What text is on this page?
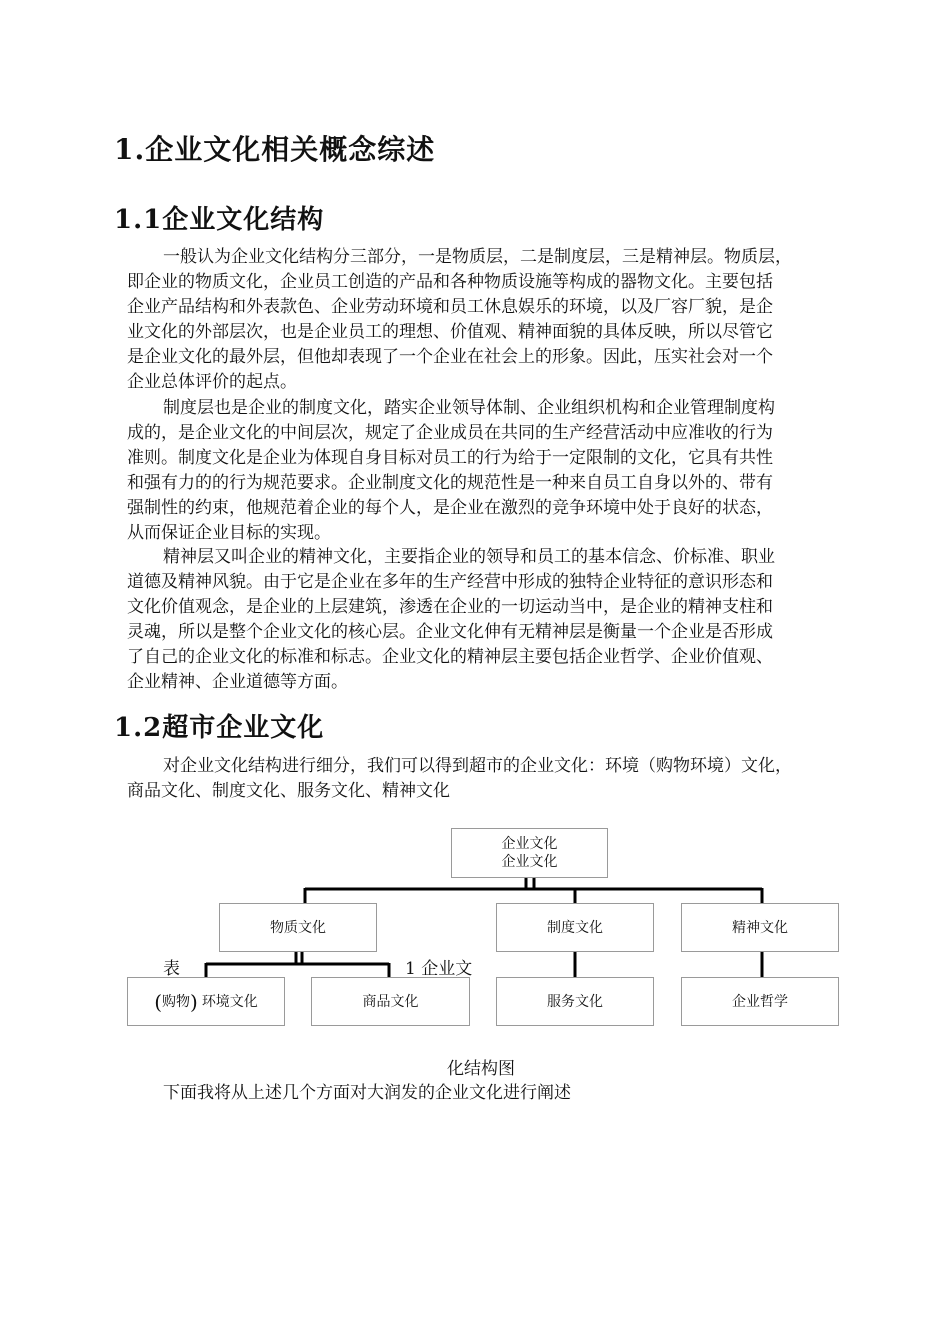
1.企业文化相关概念综述
1.1企业文化结构
一般认为企业文化结构分三部分，一是物质层，二是制度层，三是精神层。物质层，
即企业的物质文化，企业员工创造的产品和各种物质设施等构成的器物文化。主要包括
企业产品结构和外表款色、企业劳动环境和员工休息娱乐的环境，以及厂容厂貌，是企
业文化的外部层次，也是企业员工的理想、价值观、精神面貌的具体反映，所以尽管它
是企业文化的最外层，但他却表现了一个企业在社会上的形象。因此，压实社会对一个
企业总体评价的起点。
制度层也是企业的制度文化，踏实企业领导体制、企业组织机构和企业管理制度构
成的，是企业文化的中间层次，规定了企业成员在共同的生产经营活动中应准收的行为
准则。制度文化是企业为体现自身目标对员工的行为给于一定限制的文化，它具有共性
和强有力的的行为规范要求。企业制度文化的规范性是一种来自员工自身以外的、带有
强制性的约束，他规范着企业的每个人，是企业在激烈的竞争环境中处于良好的状态，
从而保证企业目标的实现。
精神层又叫企业的精神文化，主要指企业的领导和员工的基本信念、价标准、职业
道德及精神风貌。由于它是企业在多年的生产经营中形成的独特企业特征的意识形态和
文化价值观念，是企业的上层建筑，渗透在企业的一切运动当中，是企业的精神支柱和
灵魂，所以是整个企业文化的核心层。企业文化伸有无精神层是衡量一个企业是否形成
了自己的企业文化的标准和标志。企业文化的精神层主要包括企业哲学、企业价值观、
企业精神、企业道德等方面。
1.2超市企业文化
对企业文化结构进行细分，我们可以得到超市的企业文化：环境（购物环境）文化，
商品文化、制度文化、服务文化、精神文化
企业文化
企业文化
物质文化	制度文化	精神文化
( 购物 ) 环境文化	商品文化	服务文化	企业哲学
表	1 企业文
化结构图
下面我将从上述几个方面对大润发的企业文化进行阐述
